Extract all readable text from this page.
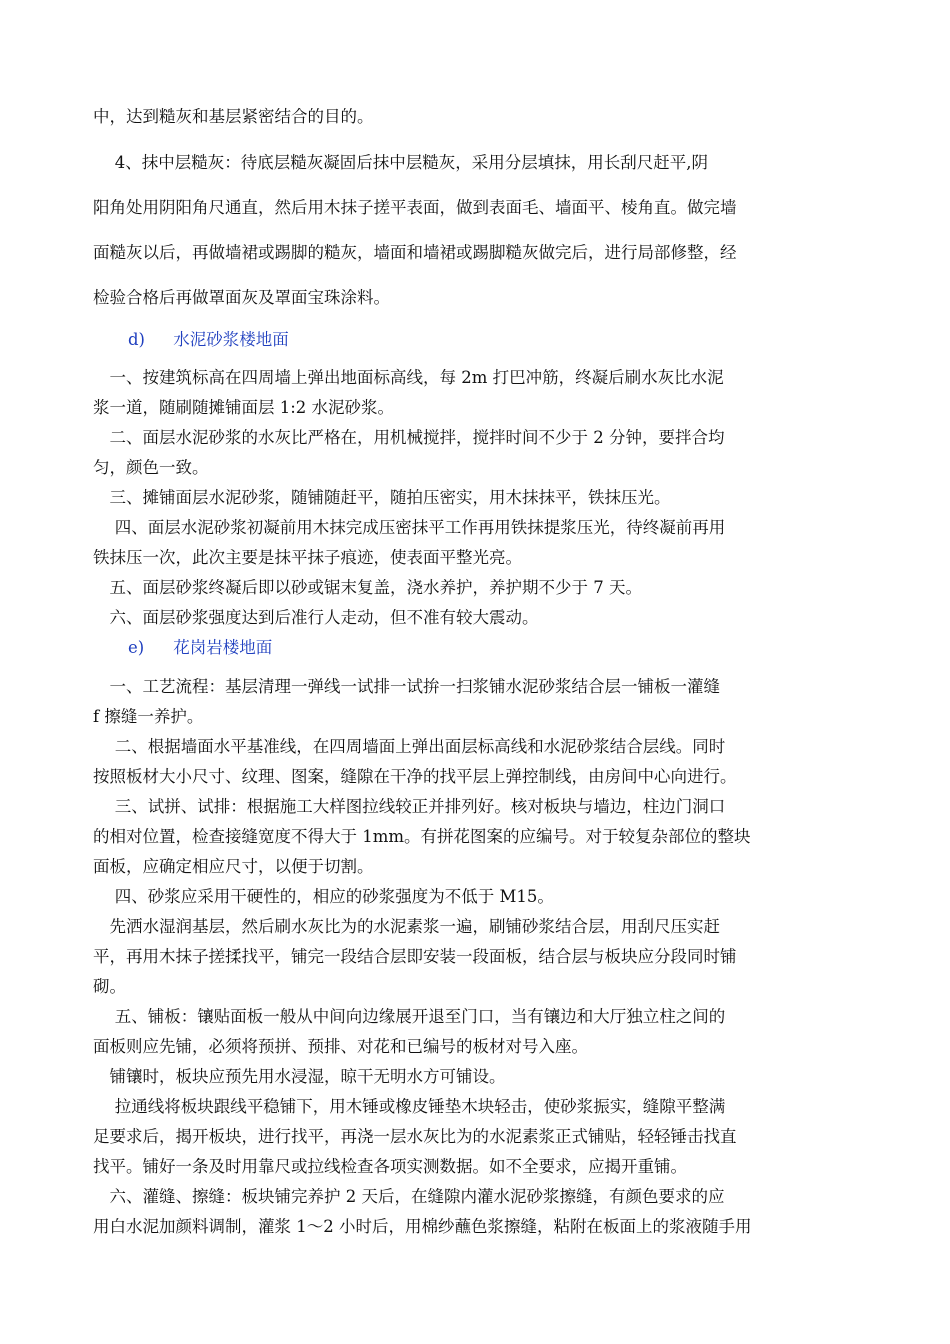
中，达到糙灰和基层紧密结合的目的。

　 4、抹中层糙灰：待底层糙灰凝固后抹中层糙灰，采用分层填抹，用长刮尺赶平,阴
阳角处用阴阳角尺通直，然后用木抹子搓平表面，做到表面毛、墙面平、棱角直。做完墙
面糙灰以后，再做墙裙或踢脚的糙灰，墙面和墙裙或踢脚糙灰做完后，进行局部修整，经
检验合格后再做罩面灰及罩面宝珠涂料。

d) 水泥砂浆楼地面
　一、按建筑标高在四周墙上弹出地面标高线，每 2m 打巴冲筋，终凝后刷水灰比水泥
浆一道，随刷随摊铺面层 1:2 水泥砂浆。
　二、面层水泥砂浆的水灰比严格在，用机械搅拌，搅拌时间不少于 2 分钟，要拌合均
匀，颜色一致。
　三、摊铺面层水泥砂浆，随铺随赶平，随拍压密实，用木抹抹平，铁抹压光。
　 四、面层水泥砂浆初凝前用木抹完成压密抹平工作再用铁抹提浆压光，待终凝前再用
铁抹压一次，此次主要是抹平抹子痕迹，使表面平整光亮。
　五、面层砂浆终凝后即以砂或锯末复盖，浇水养护，养护期不少于 7 天。
　六、面层砂浆强度达到后准行人走动，但不准有较大震动。
e) 花岗岩楼地面
　一、工艺流程：基层清理一弹线一试排一试拚一扫浆铺水泥砂浆结合层一铺板一灌缝
f 擦缝一养护。
　 二、根据墙面水平基准线，在四周墙面上弹出面层标高线和水泥砂浆结合层线。同时
按照板材大小尺寸、纹理、图案，缝隙在干净的找平层上弹控制线，由房间中心向进行。
　 三、试拼、试排：根据施工大样图拉线较正并排列好。核对板块与墙边，柱边门洞口
的相对位置，检查接缝宽度不得大于 1mm。有拼花图案的应编号。对于较复杂部位的整块
面板，应确定相应尺寸，以便于切割。
　 四、砂浆应采用干硬性的，相应的砂浆强度为不低于 M15。
　先洒水湿润基层，然后刷水灰比为的水泥素浆一遍，刷铺砂浆结合层，用刮尺压实赶
平，再用木抹子搓揉找平，铺完一段结合层即安装一段面板，结合层与板块应分段同时铺
砌。
　 五、铺板：镶贴面板一般从中间向边缘展开退至门口，当有镶边和大厅独立柱之间的
面板则应先铺，必须将预拼、预排、对花和已编号的板材对号入座。
　铺镶时，板块应预先用水浸湿，晾干无明水方可铺设。
　 拉通线将板块跟线平稳铺下，用木锤或橡皮锤垫木块轻击，使砂浆振实，缝隙平整满
足要求后，揭开板块，进行找平，再浇一层水灰比为的水泥素浆正式铺贴，轻轻锤击找直
找平。铺好一条及时用靠尺或拉线检查各项实测数据。如不全要求，应揭开重铺。
　六、灌缝、擦缝：板块铺完养护 2 天后，在缝隙内灌水泥砂浆擦缝，有颜色要求的应
用白水泥加颜料调制，灌浆 1～2 小时后，用棉纱蘸色浆擦缝，粘附在板面上的浆液随手用
